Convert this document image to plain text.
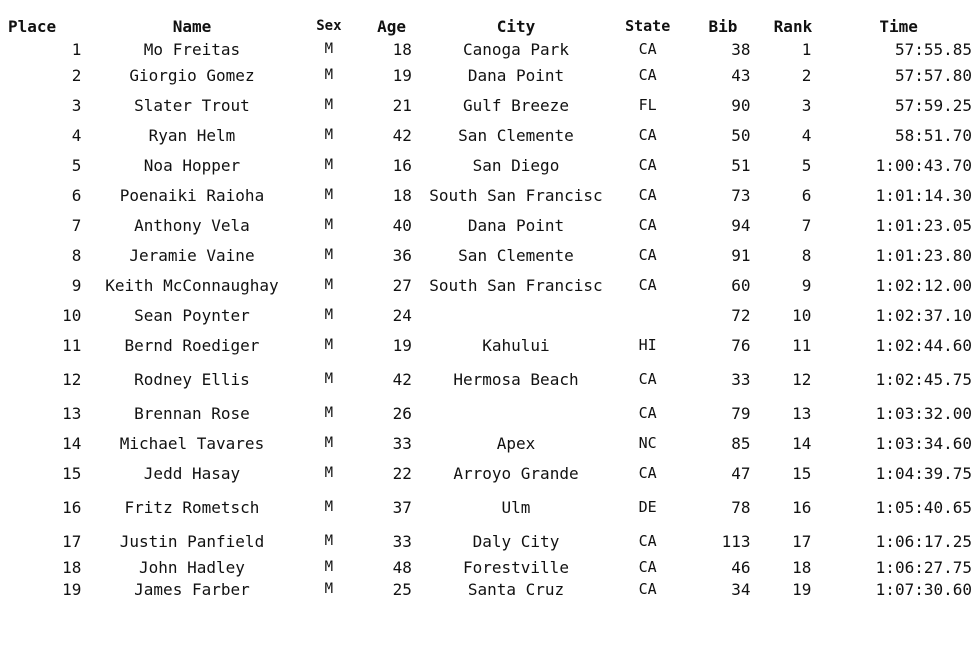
Place	Name	Sex	Age	City	State	Bib	Rank	Time
1	Mo Freitas	M	18	Canoga Park	CA	38	1	57:55.85
2	Giorgio Gomez	M	19	Dana Point	CA	43	2	57:57.80
3	Slater Trout	M	21	Gulf Breeze	FL	90	3	57:59.25
4	Ryan Helm	M	42	San Clemente	CA	50	4	58:51.70
5	Noa Hopper	M	16	San Diego	CA	51	5	1:00:43.70
6	Poenaiki Raioha	M	18	South San Francisc	CA	73	6	1:01:14.30
7	Anthony Vela	M	40	Dana Point	CA	94	7	1:01:23.05
8	Jeramie Vaine	M	36	San Clemente	CA	91	8	1:01:23.80
9	Keith McConnaughay	M	27	South San Francisc	CA	60	9	1:02:12.00
10	Sean Poynter	M	24			72	10	1:02:37.10
11	Bernd Roediger	M	19	Kahului	HI	76	11	1:02:44.60
12	Rodney Ellis	M	42	Hermosa Beach	CA	33	12	1:02:45.75
13	Brennan Rose	M	26		CA	79	13	1:03:32.00
14	Michael Tavares	M	33	Apex	NC	85	14	1:03:34.60
15	Jedd Hasay	M	22	Arroyo Grande	CA	47	15	1:04:39.75
16	Fritz Rometsch	M	37	Ulm	DE	78	16	1:05:40.65
17	Justin Panfield	M	33	Daly City	CA	113	17	1:06:17.25
18	John Hadley	M	48	Forestville	CA	46	18	1:06:27.75
19	James Farber	M	25	Santa Cruz	CA	34	19	1:07:30.60
